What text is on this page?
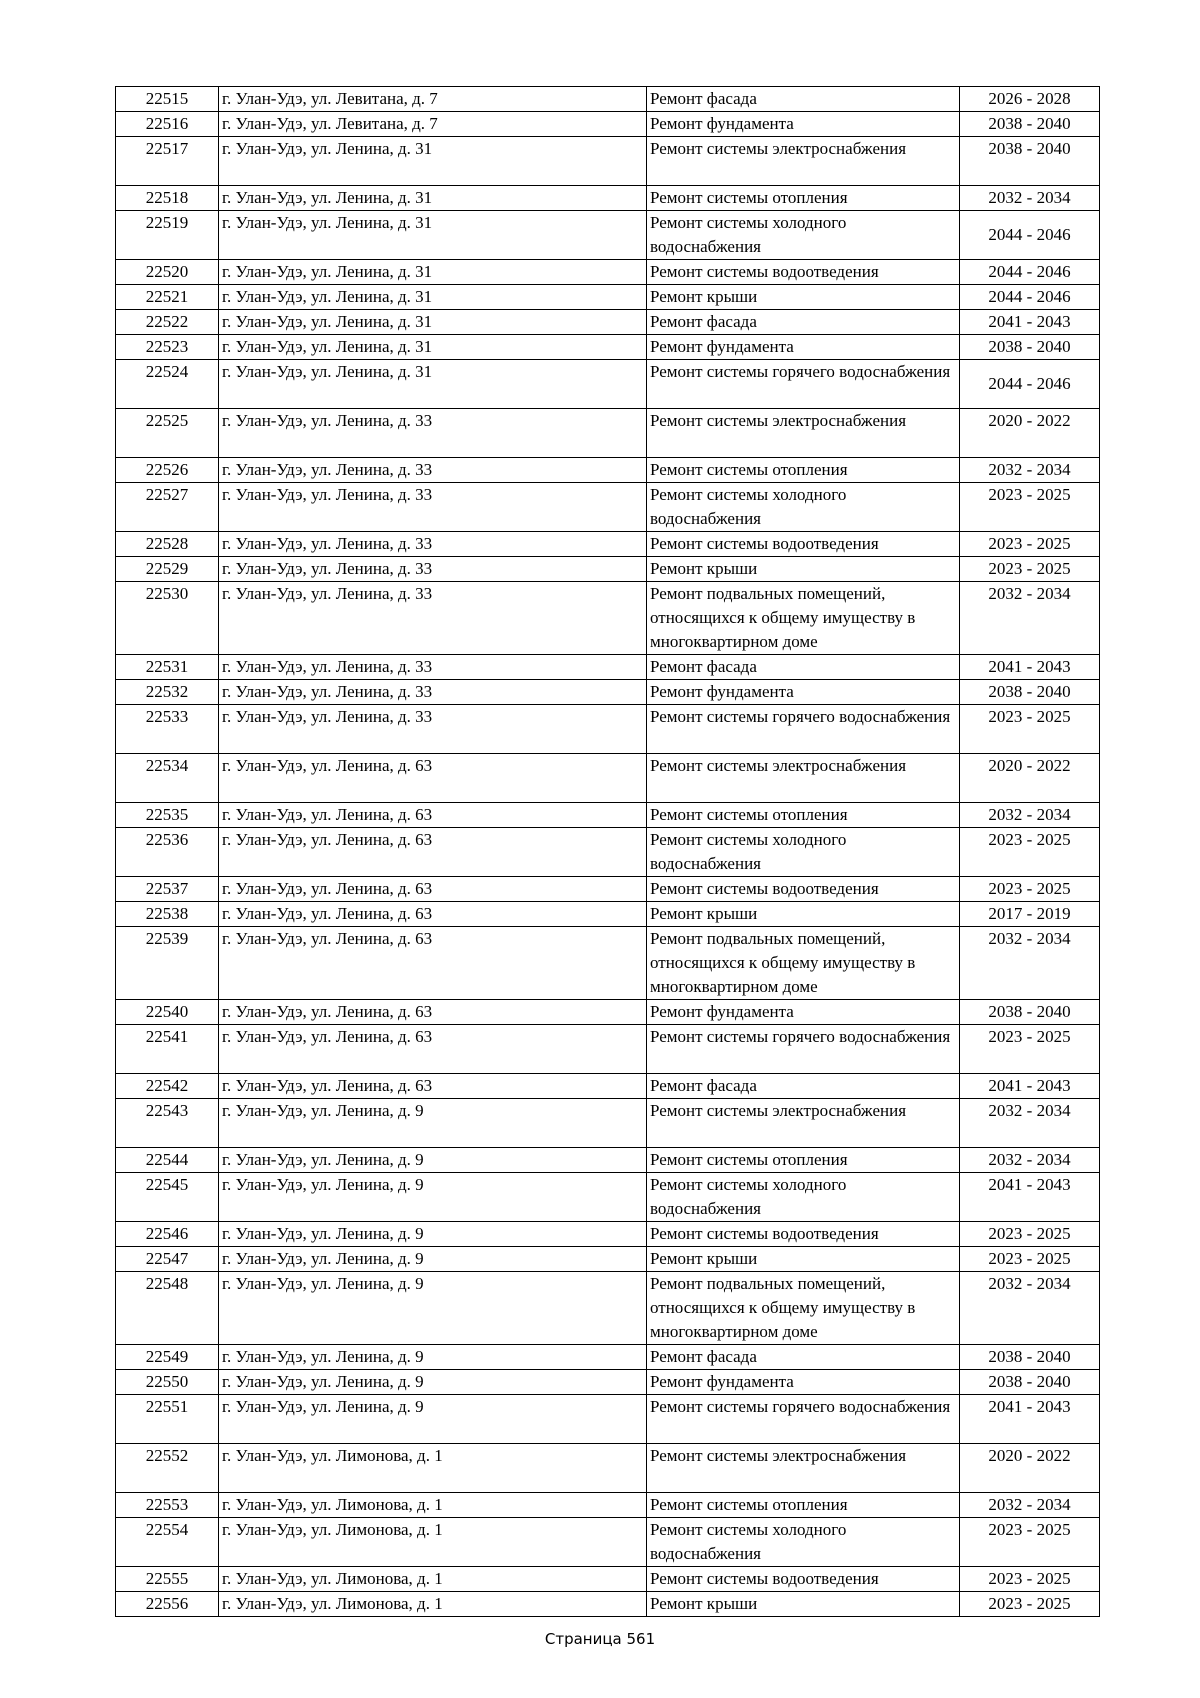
22515	г. Улан-Удэ, ул. Левитана, д. 7	Ремонт фасада	2026 - 2028
22516	г. Улан-Удэ, ул. Левитана, д. 7	Ремонт фундамента	2038 - 2040
22517	г. Улан-Удэ, ул. Ленина, д. 31	Ремонт системы электроснабжения	2038 - 2040
22518	г. Улан-Удэ, ул. Ленина, д. 31	Ремонт системы отопления	2032 - 2034
22519	г. Улан-Удэ, ул. Ленина, д. 31	Ремонт системы холодного водоснабжения	2044 - 2046
22520	г. Улан-Удэ, ул. Ленина, д. 31	Ремонт системы водоотведения	2044 - 2046
22521	г. Улан-Удэ, ул. Ленина, д. 31	Ремонт крыши	2044 - 2046
22522	г. Улан-Удэ, ул. Ленина, д. 31	Ремонт фасада	2041 - 2043
22523	г. Улан-Удэ, ул. Ленина, д. 31	Ремонт фундамента	2038 - 2040
22524	г. Улан-Удэ, ул. Ленина, д. 31	Ремонт системы горячего водоснабжения	2044 - 2046
22525	г. Улан-Удэ, ул. Ленина, д. 33	Ремонт системы электроснабжения	2020 - 2022
22526	г. Улан-Удэ, ул. Ленина, д. 33	Ремонт системы отопления	2032 - 2034
22527	г. Улан-Удэ, ул. Ленина, д. 33	Ремонт системы холодного водоснабжения	2023 - 2025
22528	г. Улан-Удэ, ул. Ленина, д. 33	Ремонт системы водоотведения	2023 - 2025
22529	г. Улан-Удэ, ул. Ленина, д. 33	Ремонт крыши	2023 - 2025
22530	г. Улан-Удэ, ул. Ленина, д. 33	Ремонт подвальных помещений, относящихся к общему имуществу в многоквартирном доме	2032 - 2034
22531	г. Улан-Удэ, ул. Ленина, д. 33	Ремонт фасада	2041 - 2043
22532	г. Улан-Удэ, ул. Ленина, д. 33	Ремонт фундамента	2038 - 2040
22533	г. Улан-Удэ, ул. Ленина, д. 33	Ремонт системы горячего водоснабжения	2023 - 2025
22534	г. Улан-Удэ, ул. Ленина, д. 63	Ремонт системы электроснабжения	2020 - 2022
22535	г. Улан-Удэ, ул. Ленина, д. 63	Ремонт системы отопления	2032 - 2034
22536	г. Улан-Удэ, ул. Ленина, д. 63	Ремонт системы холодного водоснабжения	2023 - 2025
22537	г. Улан-Удэ, ул. Ленина, д. 63	Ремонт системы водоотведения	2023 - 2025
22538	г. Улан-Удэ, ул. Ленина, д. 63	Ремонт крыши	2017 - 2019
22539	г. Улан-Удэ, ул. Ленина, д. 63	Ремонт подвальных помещений, относящихся к общему имуществу в многоквартирном доме	2032 - 2034
22540	г. Улан-Удэ, ул. Ленина, д. 63	Ремонт фундамента	2038 - 2040
22541	г. Улан-Удэ, ул. Ленина, д. 63	Ремонт системы горячего водоснабжения	2023 - 2025
22542	г. Улан-Удэ, ул. Ленина, д. 63	Ремонт фасада	2041 - 2043
22543	г. Улан-Удэ, ул. Ленина, д. 9	Ремонт системы электроснабжения	2032 - 2034
22544	г. Улан-Удэ, ул. Ленина, д. 9	Ремонт системы отопления	2032 - 2034
22545	г. Улан-Удэ, ул. Ленина, д. 9	Ремонт системы холодного водоснабжения	2041 - 2043
22546	г. Улан-Удэ, ул. Ленина, д. 9	Ремонт системы водоотведения	2023 - 2025
22547	г. Улан-Удэ, ул. Ленина, д. 9	Ремонт крыши	2023 - 2025
22548	г. Улан-Удэ, ул. Ленина, д. 9	Ремонт подвальных помещений, относящихся к общему имуществу в многоквартирном доме	2032 - 2034
22549	г. Улан-Удэ, ул. Ленина, д. 9	Ремонт фасада	2038 - 2040
22550	г. Улан-Удэ, ул. Ленина, д. 9	Ремонт фундамента	2038 - 2040
22551	г. Улан-Удэ, ул. Ленина, д. 9	Ремонт системы горячего водоснабжения	2041 - 2043
22552	г. Улан-Удэ, ул. Лимонова, д. 1	Ремонт системы электроснабжения	2020 - 2022
22553	г. Улан-Удэ, ул. Лимонова, д. 1	Ремонт системы отопления	2032 - 2034
22554	г. Улан-Удэ, ул. Лимонова, д. 1	Ремонт системы холодного водоснабжения	2023 - 2025
22555	г. Улан-Удэ, ул. Лимонова, д. 1	Ремонт системы водоотведения	2023 - 2025
22556	г. Улан-Удэ, ул. Лимонова, д. 1	Ремонт крыши	2023 - 2025
Страница 561
